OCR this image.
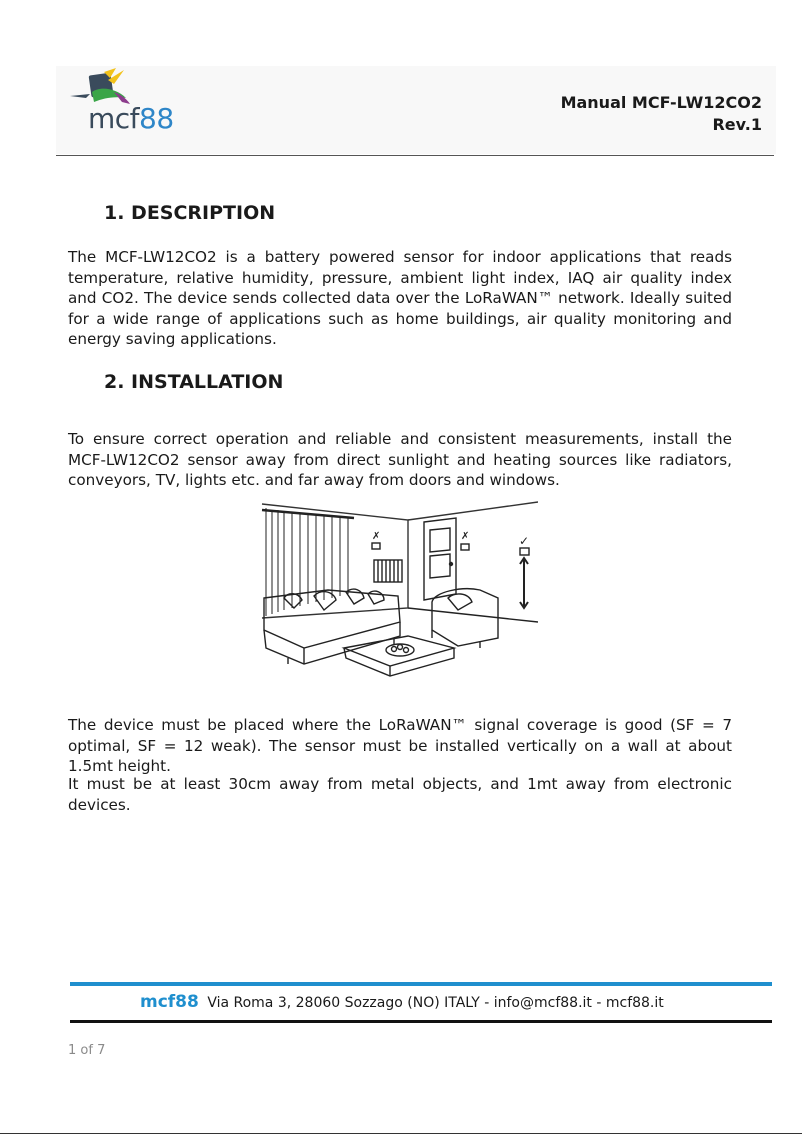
mcf88	Manual MCF-LW12CO2
Rev.1
1. DESCRIPTION

The MCF-LW12CO2 is a battery powered sensor for indoor applications that reads temperature, relative humidity, pressure, ambient light index, IAQ air quality index and CO2. The device sends collected data over the LoRaWAN™ network. Ideally suited for a wide range of applications such as home buildings, air quality monitoring and energy saving applications.

2. INSTALLATION

To ensure correct operation and reliable and consistent measurements, install the MCF-LW12CO2 sensor away from direct sunlight and heating sources like radiators, conveyors, TV, lights etc. and far away from doors and windows.

✗	✗	✓

The device must be placed where the LoRaWAN™ signal coverage is good (SF = 7 optimal, SF = 12 weak). The sensor must be installed vertically on a wall at about 1.5mt height.

It must be at least 30cm away from metal objects, and 1mt away from electronic devices.

mcf88 Via Roma 3, 28060 Sozzago (NO) ITALY - info@mcf88.it - mcf88.it
1 of 7
